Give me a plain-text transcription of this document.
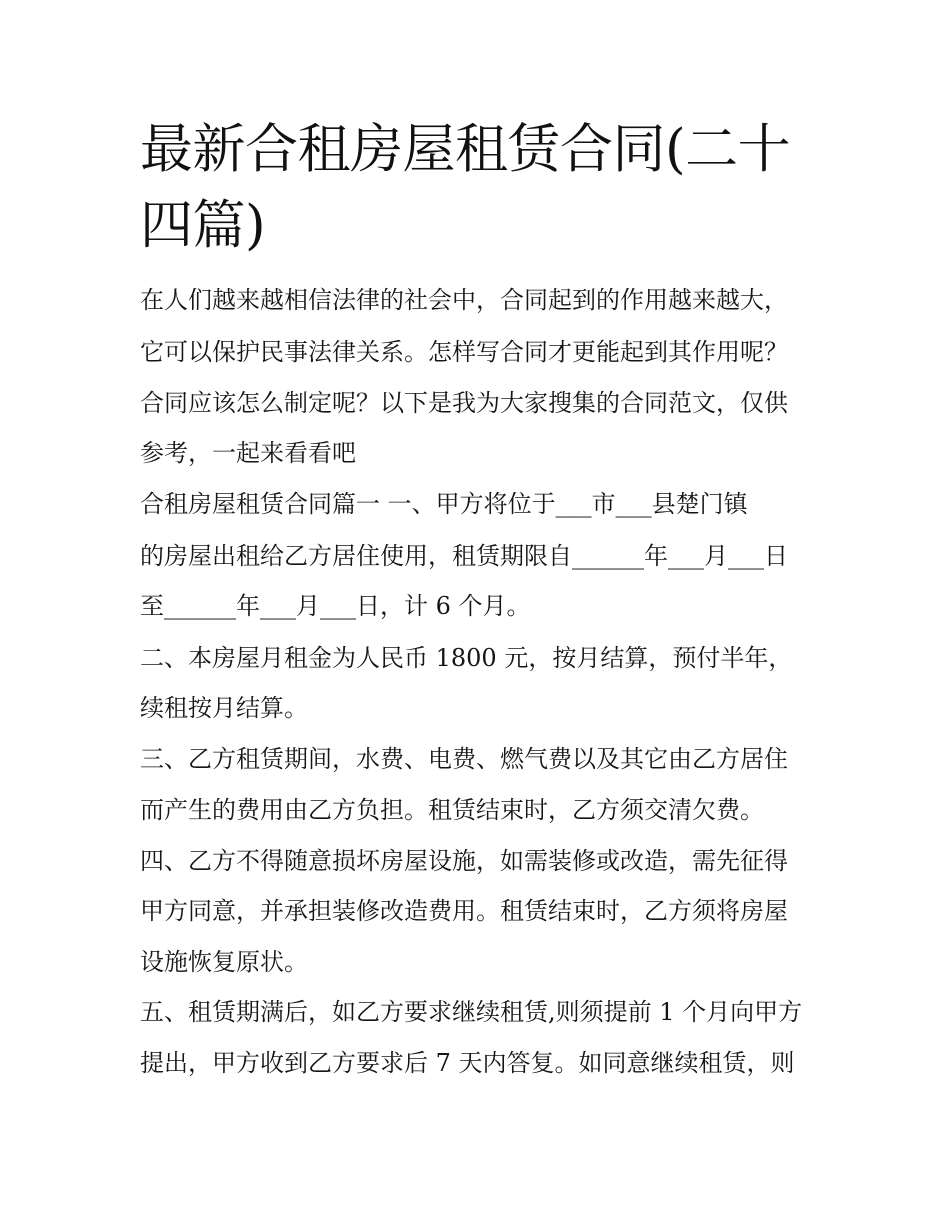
最新合租房屋租赁合同(二十四篇)

在人们越来越相信法律的社会中，合同起到的作用越来越大，

它可以保护民事法律关系。怎样写合同才更能起到其作用呢？

合同应该怎么制定呢？以下是我为大家搜集的合同范文，仅供

参考，一起来看看吧

合租房屋租赁合同篇一 一、甲方将位于___市___县楚门镇

的房屋出租给乙方居住使用，租赁期限自______年___月___日

至______年___月___日，计 6 个月。

二、本房屋月租金为人民币 1800 元，按月结算，预付半年，

续租按月结算。

三、乙方租赁期间，水费、电费、燃气费以及其它由乙方居住

而产生的费用由乙方负担。租赁结束时，乙方须交清欠费。

四、乙方不得随意损坏房屋设施，如需装修或改造，需先征得

甲方同意，并承担装修改造费用。租赁结束时，乙方须将房屋

设施恢复原状。

五、租赁期满后，如乙方要求继续租赁,则须提前 1 个月向甲方

提出，甲方收到乙方要求后 7 天内答复。如同意继续租赁，则
